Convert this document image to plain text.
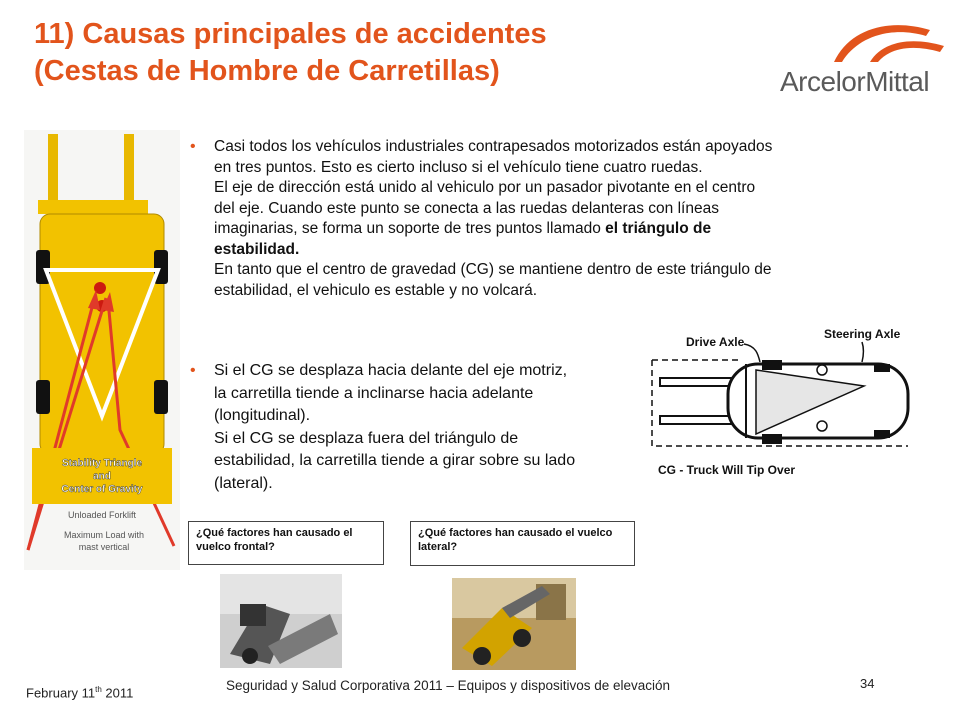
11) Causas principales de accidentes
(Cestas de Hombre de Carretillas)	ArcelorMittal
Stability Triangle
and
Center of Gravity
Unloaded Forklift
Maximum Load with
mast vertical
• Casi todos los vehículos industriales contrapesados motorizados están apoyados

en tres puntos. Esto es cierto incluso si el vehículo tiene cuatro ruedas.

El eje de dirección está unido al vehiculo por un pasador pivotante en el centro

del eje. Cuando este punto se conecta a las ruedas delanteras con líneas

imaginarias, se forma un soporte de tres puntos llamado el triángulo de

estabilidad.

En tanto que el centro de gravedad (CG) se mantiene dentro de este triángulo de

estabilidad, el vehiculo es estable y no volcará.

• Si el CG se desplaza hacia delante del eje motriz,

la carretilla tiende a inclinarse hacia adelante

(longitudinal).

Si el CG se desplaza fuera del triángulo de

estabilidad, la carretilla tiende a girar sobre su lado

(lateral).

Drive Axle
Steering Axle
CG - Truck Will Tip Over
¿Qué factores han causado el vuelco frontal?
¿Qué factores han causado el vuelco lateral?
February 11th 2011	Seguridad y Salud Corporativa 2011 – Equipos y dispositivos de elevación	34
